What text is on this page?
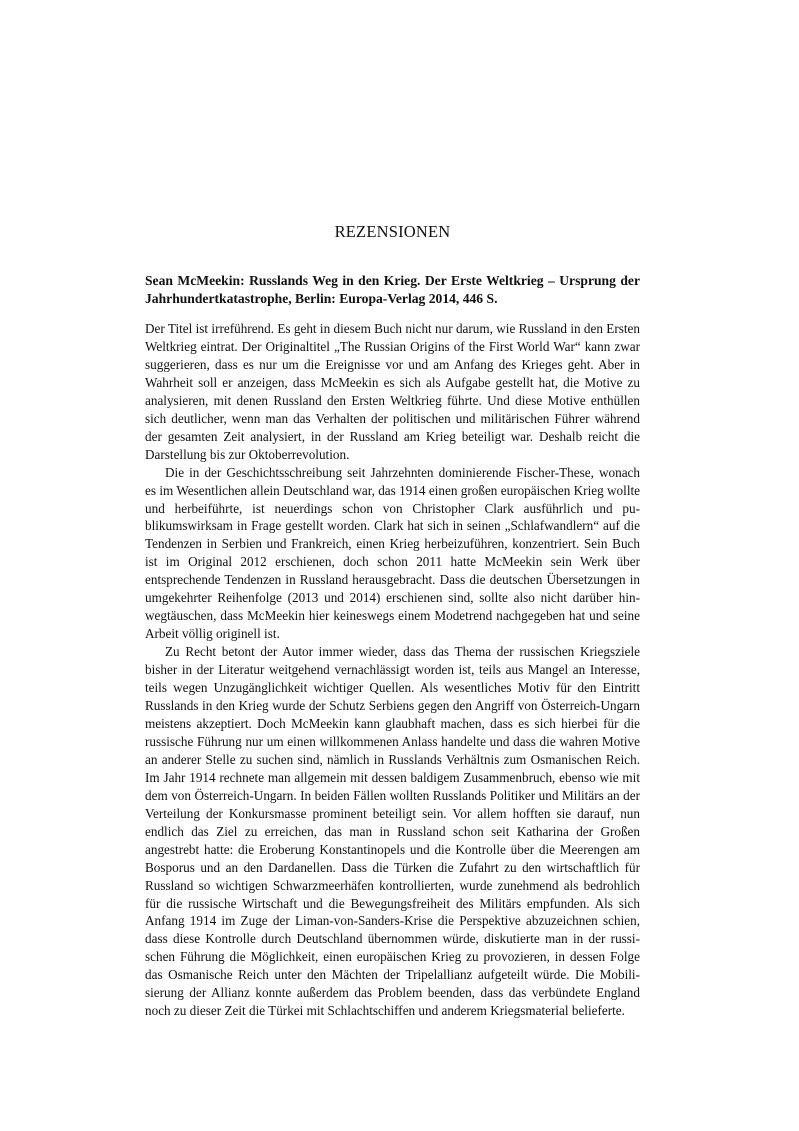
REZENSIONEN
Sean McMeekin: Russlands Weg in den Krieg. Der Erste Weltkrieg – Ursprung der Jahrhundertkatastrophe, Berlin: Europa-Verlag 2014, 446 S.

Der Titel ist irreführend. Es geht in diesem Buch nicht nur darum, wie Russland in den Ersten Weltkrieg eintrat. Der Originaltitel „The Russian Origins of the First World War“ kann zwar suggerieren, dass es nur um die Ereignisse vor und am Anfang des Krieges geht. Aber in Wahrheit soll er anzeigen, dass McMeekin es sich als Aufgabe gestellt hat, die Motive zu analysieren, mit denen Russland den Ersten Weltkrieg führte. Und diese Motive enthüllen sich deutlicher, wenn man das Verhalten der politischen und militärischen Führer während der gesamten Zeit analysiert, in der Russland am Krieg beteiligt war. Deshalb reicht die Darstellung bis zur Oktoberrevolution.

Die in der Geschichtsschreibung seit Jahrzehnten dominierende Fischer-These, wonach es im Wesentlichen allein Deutschland war, das 1914 einen großen europäischen Krieg wollte und herbeiführte, ist neuerdings schon von Christopher Clark ausführlich und publikumswirksam in Frage gestellt worden. Clark hat sich in seinen „Schlafwandlern“ auf die Tendenzen in Serbien und Frankreich, einen Krieg herbeizuführen, konzentriert. Sein Buch ist im Original 2012 erschienen, doch schon 2011 hatte McMeekin sein Werk über entsprechende Tendenzen in Russland herausgebracht. Dass die deutschen Übersetzungen in umgekehrter Reihenfolge (2013 und 2014) erschienen sind, sollte also nicht darüber hinwegtäuschen, dass McMeekin hier keineswegs einem Modetrend nachgegeben hat und seine Arbeit völlig originell ist.

Zu Recht betont der Autor immer wieder, dass das Thema der russischen Kriegsziele bisher in der Literatur weitgehend vernachlässigt worden ist, teils aus Mangel an Interesse, teils wegen Unzugänglichkeit wichtiger Quellen. Als wesentliches Motiv für den Eintritt Russlands in den Krieg wurde der Schutz Serbiens gegen den Angriff von Österreich-Ungarn meistens akzeptiert. Doch McMeekin kann glaubhaft machen, dass es sich hierbei für die russische Führung nur um einen willkommenen Anlass handelte und dass die wahren Motive an anderer Stelle zu suchen sind, nämlich in Russlands Verhältnis zum Osmanischen Reich. Im Jahr 1914 rechnete man allgemein mit dessen baldigem Zusammenbruch, ebenso wie mit dem von Österreich-Ungarn. In beiden Fällen wollten Russlands Politiker und Militärs an der Verteilung der Konkursmasse prominent beteiligt sein. Vor allem hofften sie darauf, nun endlich das Ziel zu erreichen, das man in Russland schon seit Katharina der Großen angestrebt hatte: die Eroberung Konstantinopels und die Kontrolle über die Meerengen am Bosporus und an den Dardanellen. Dass die Türken die Zufahrt zu den wirtschaftlich für Russland so wichtigen Schwarzmeerhäfen kontrollierten, wurde zunehmend als bedrohlich für die russische Wirtschaft und die Bewegungsfreiheit des Militärs empfunden. Als sich Anfang 1914 im Zuge der Liman-von-Sanders-Krise die Perspektive abzuzeichnen schien, dass diese Kontrolle durch Deutschland übernommen würde, diskutierte man in der russischen Führung die Möglichkeit, einen europäischen Krieg zu provozieren, in dessen Folge das Osmanische Reich unter den Mächten der Tripelallianz aufgeteilt würde. Die Mobilisierung der Allianz konnte außerdem das Problem beenden, dass das verbündete England noch zu dieser Zeit die Türkei mit Schlachtschiffen und anderem Kriegsmaterial belieferte.
